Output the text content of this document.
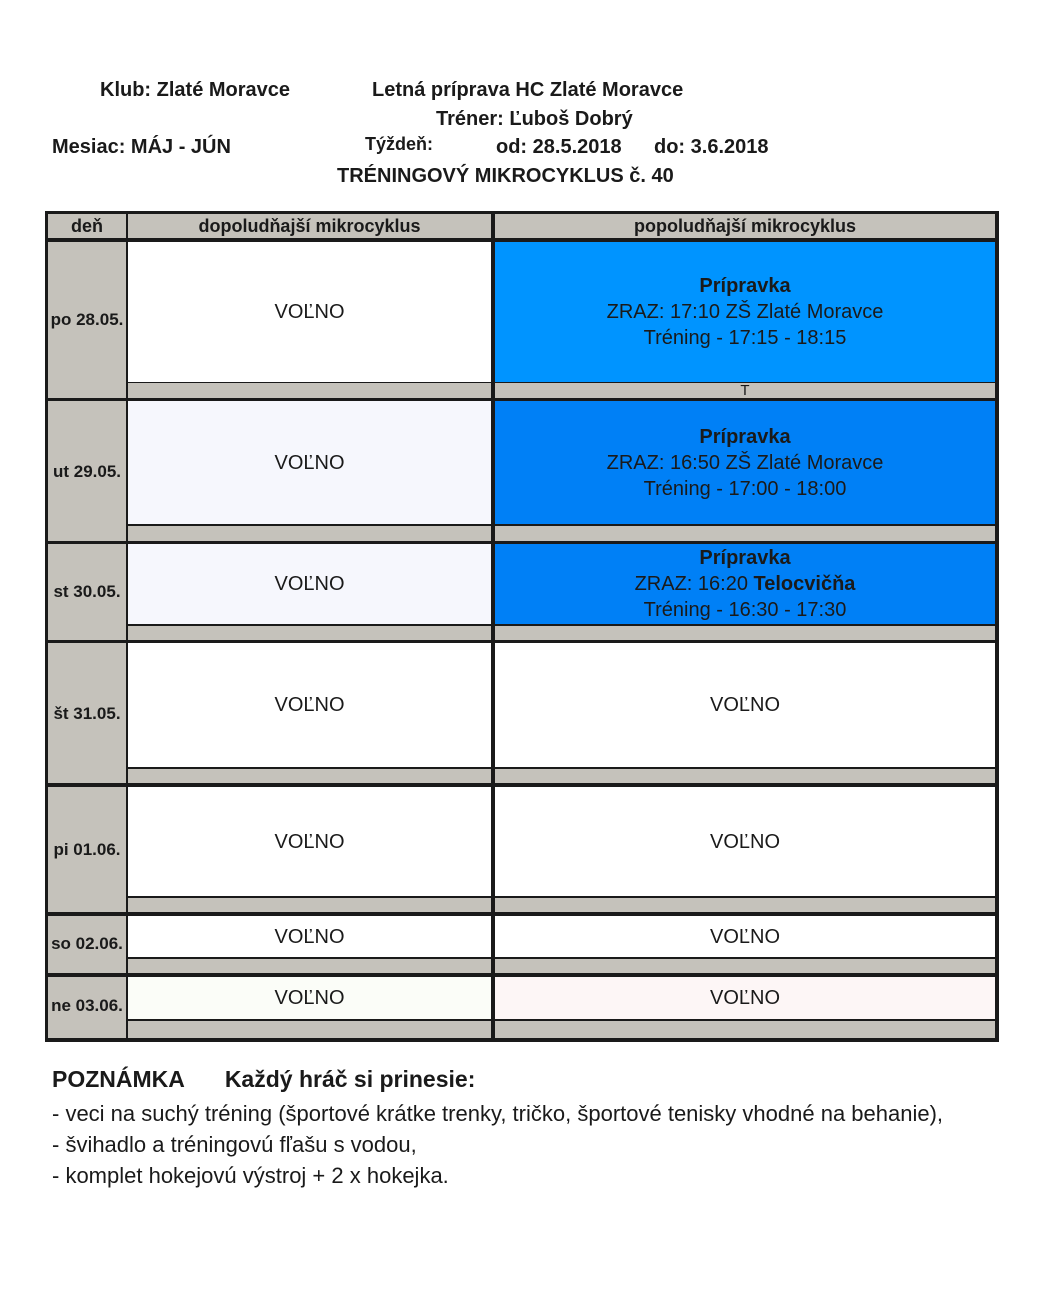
Klub: Zlaté Moravce	Letná príprava HC Zlaté Moravce
Tréner: Ľuboš Dobrý
Mesiac: MÁJ - JÚN	Týždeň:	od: 28.5.2018 do: 3.6.2018
TRÉNINGOVÝ MIKROCYKLUS č. 40
deň	dopoludňajší mikrocyklus	popoludňajší mikrocyklus
po 28.05.	VOĽNO
Prípravka
ZRAZ: 17:10 ZŠ Zlaté Moravce
Tréning - 17:15 - 18:15
T
ut 29.05.	VOĽNO
Prípravka
ZRAZ: 16:50 ZŠ Zlaté Moravce
Tréning - 17:00 - 18:00
st 30.05.	VOĽNO
Prípravka
ZRAZ: 16:20 Telocvičňa
Tréning - 16:30 - 17:30
št 31.05.	VOĽNO	VOĽNO
pi 01.06.	VOĽNO	VOĽNO
so 02.06.	VOĽNO	VOĽNO
ne 03.06.	VOĽNO	VOĽNO
POZNÁMKA Každý hráč si prinesie:
- veci na suchý tréning (športové krátke trenky, tričko, športové tenisky vhodné na behanie),
- švihadlo a tréningovú fľašu s vodou,
- komplet hokejovú výstroj + 2 x hokejka.
